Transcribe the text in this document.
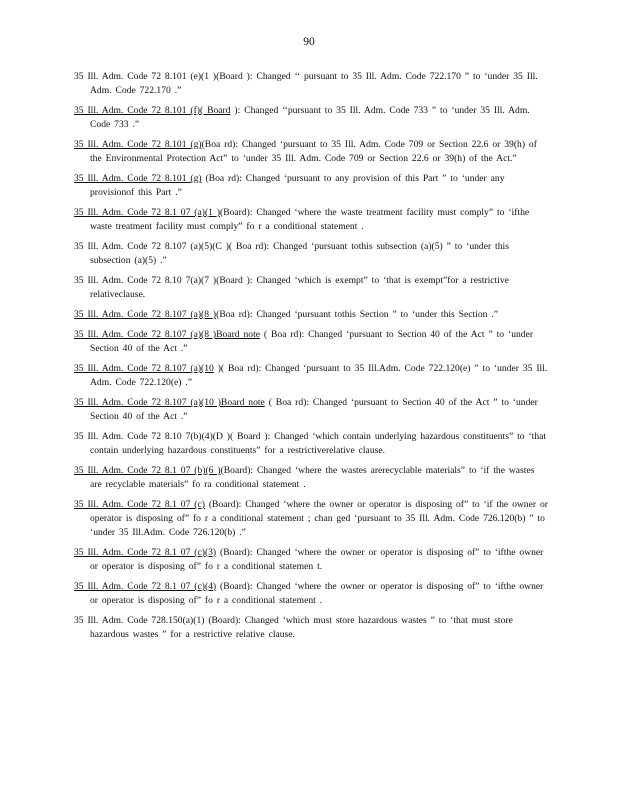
90

35 Ill. Adm. Code 72 8.101 (e)(1 )(Board ): Changed ‘‘ pursuant to 35 Ill. Adm. Code 722.170 ” to ‘under 35 Ill. Adm. Code 722.170 .”

35 Ill. Adm. Code 72 8.101 (f)( Board ): Changed ‘‘pursuant to 35 Ill. Adm. Code 733 ” to ‘under 35 Ill. Adm. Code 733 .”

35 Ill. Adm. Code 72 8.101 (g)(Boa rd): Changed ‘pursuant to 35 Ill. Adm. Code 709 or Section 22.6 or 39(h) of the Environmental Protection Act” to ‘under 35 Ill. Adm. Code 709 or Section 22.6 or 39(h) of the Act.”

35 Ill. Adm. Code 72 8.101 (g) (Boa rd): Changed ‘pursuant to any provision of this Part ” to ‘under any provisionof this Part .”

35 Ill. Adm. Code 72 8.1 07 (a)(1 )(Board): Changed ‘where the waste treatment facility must comply” to ‘ifthe waste treatment facility must comply” fo r a conditional statement .

35 Ill. Adm. Code 72 8.107 (a)(5)(C )( Boa rd): Changed ‘pursuant tothis subsection (a)(5) ” to ‘under this subsection (a)(5) .”

35 Ill. Adm. Code 72 8.10 7(a)(7 )(Board ): Changed ‘which is exempt” to ‘that is exempt”for a restrictive relativeclause.

35 Ill. Adm. Code 72 8.107 (a)(8 )(Boa rd): Changed ‘pursuant tothis Section ” to ‘under this Section .”

35 Ill. Adm. Code 72 8.107 (a)(8 )Board note ( Boa rd): Changed ‘pursuant to Section 40 of the Act ” to ‘under Section 40 of the Act .”

35 Ill. Adm. Code 72 8.107 (a)(10 )( Boa rd): Changed ‘pursuant to 35 Ill.Adm. Code 722.120(e) ” to ‘under 35 Ill. Adm. Code 722.120(e) .”

35 Ill. Adm. Code 72 8.107 (a)(10 )Board note ( Boa rd): Changed ‘pursuant to Section 40 of the Act ” to ‘under Section 40 of the Act .”

35 Ill. Adm. Code 72 8.10 7(b)(4)(D )( Board ): Changed ‘which contain underlying hazardous constituents” to ‘that contain underlying hazardous constituents” for a restrictiverelative clause.

35 Ill. Adm. Code 72 8.1 07 (b)(6 )(Board): Changed ‘where the wastes arerecyclable materials” to ‘if the wastes are recyclable materials” fo ra conditional statement .

35 Ill. Adm. Code 72 8.1 07 (c) (Board): Changed ‘where the owner or operator is disposing of” to ‘if the owner or operator is disposing of” fo r a conditional statement ; chan ged ‘pursuant to 35 Ill. Adm. Code 726.120(b) ” to ‘under 35 Ill.Adm. Code 726.120(b) .”

35 Ill. Adm. Code 72 8.1 07 (c)(3) (Board): Changed ‘where the owner or operator is disposing of” to ‘ifthe owner or operator is disposing of” fo r a conditional statemen t.

35 Ill. Adm. Code 72 8.1 07 (c)(4) (Board): Changed ‘where the owner or operator is disposing of” to ‘ifthe owner or operator is disposing of” fo r a conditional statement .

35 Ill. Adm. Code 728.150(a)(1) (Board): Changed ‘which must store hazardous wastes ” to ‘that must store hazardous wastes ” for a restrictive relative clause.
